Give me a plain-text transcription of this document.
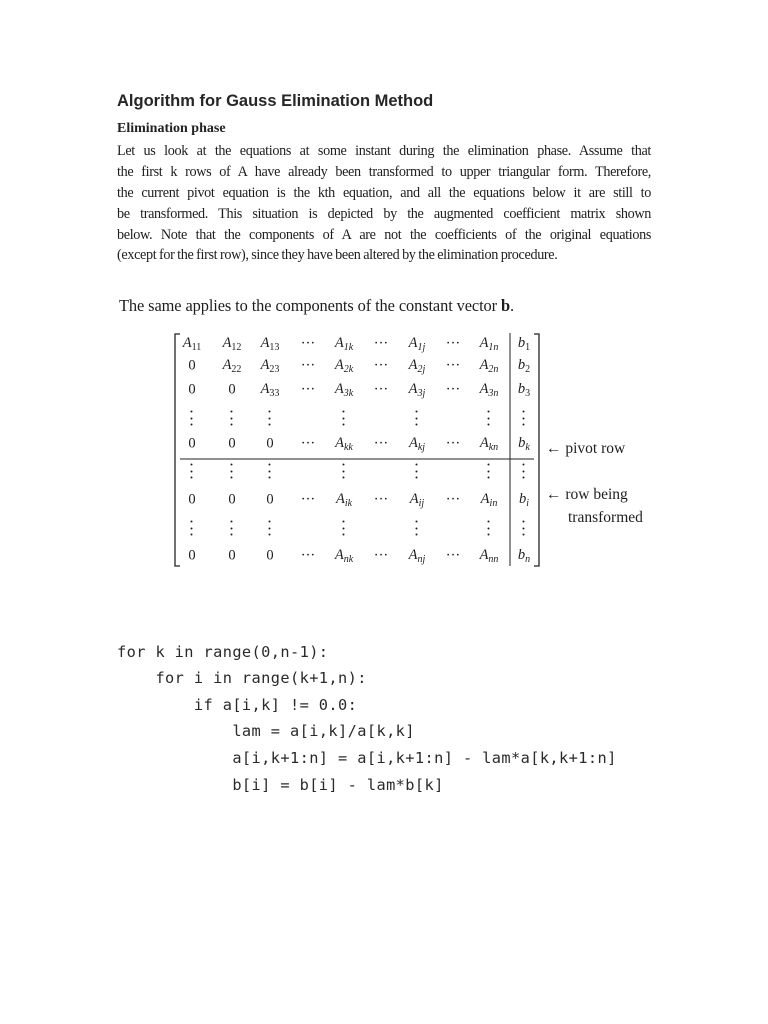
Algorithm for Gauss Elimination Method
Elimination phase
Let us look at the equations at some instant during the elimination phase. Assume that
the first k rows of A have already been transformed to upper triangular form. Therefore,
the current pivot equation is the kth equation, and all the equations below it are still to
be transformed. This situation is depicted by the augmented coefficient matrix shown
below. Note that the components of A are not the coefficients of the original equations
(except for the first row), since they have been altered by the elimination procedure.
The same applies to the components of the constant vector b.
$A_{11}$ $A_{12}$ $A_{13}$ ··· $A_{1k}$ ··· $A_{1j}$ ··· $A_{1n}$ $b_1$
0 $A_{22}$ $A_{23}$ ··· $A_{2k}$ ··· $A_{2j}$ ··· $A_{2n}$ $b_2$
0 0 $A_{33}$ ··· $A_{3k}$ ··· $A_{3j}$ ··· $A_{3n}$ $b_3$
0 0 0 ··· $A_{kk}$ ··· $A_{kj}$ ··· $A_{kn}$ $b_k$
0 0 0 ··· $A_{ik}$ ··· $A_{ij}$ ··· $A_{in}$ $b_i$
0 0 0 ··· $A_{nk}$ ··· $A_{nj}$ ··· $A_{nn}$ $b_n$
← pivot row
← row being
transformed
for k in range(0,n-1):
for i in range(k+1,n):
if a[i,k] != 0.0:
lam = a[i,k]/a[k,k]
a[i,k+1:n] = a[i,k+1:n] - lam*a[k,k+1:n]
b[i] = b[i] - lam*b[k]
